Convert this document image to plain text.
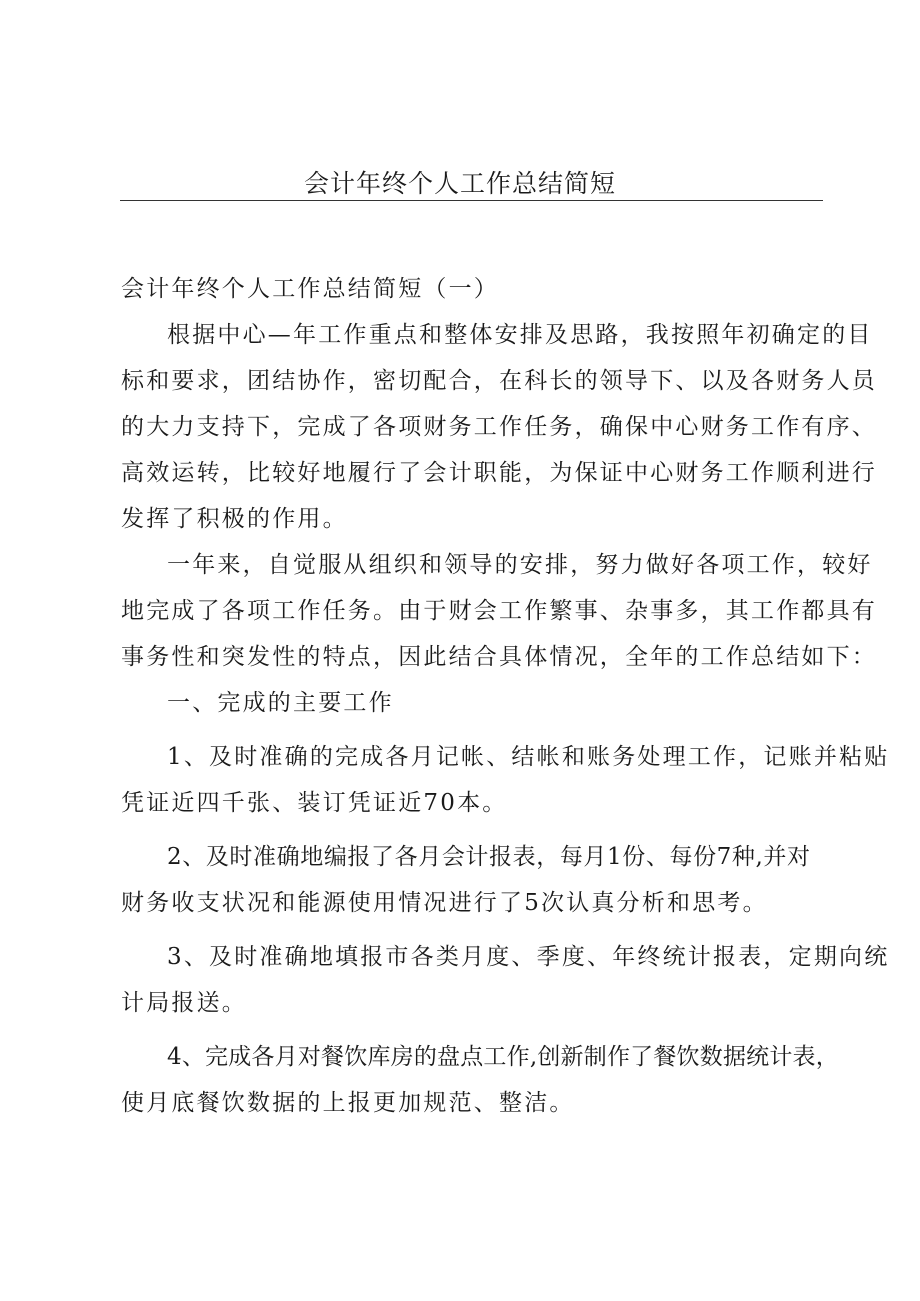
会计年终个人工作总结简短
会计年终个人工作总结简短（一）
根据中心—年工作重点和整体安排及思路，我按照年初确定的目
标和要求，团结协作，密切配合，在科长的领导下、以及各财务人员
的大力支持下，完成了各项财务工作任务，确保中心财务工作有序、
高效运转，比较好地履行了会计职能，为保证中心财务工作顺利进行
发挥了积极的作用。
一年来，自觉服从组织和领导的安排，努力做好各项工作，较好
地完成了各项工作任务。由于财会工作繁事、杂事多，其工作都具有
事务性和突发性的特点，因此结合具体情况，全年的工作总结如下：
一、完成的主要工作
1、及时准确的完成各月记帐、结帐和账务处理工作，记账并粘贴
凭证近四千张、装订凭证近70本。
2、及时准确地编报了各月会计报表，每月1份、每份7种,并对
财务收支状况和能源使用情况进行了5次认真分析和思考。
3、及时准确地填报市各类月度、季度、年终统计报表，定期向统
计局报送。
4、完成各月对餐饮库房的盘点工作,创新制作了餐饮数据统计表，
使月底餐饮数据的上报更加规范、整洁。
